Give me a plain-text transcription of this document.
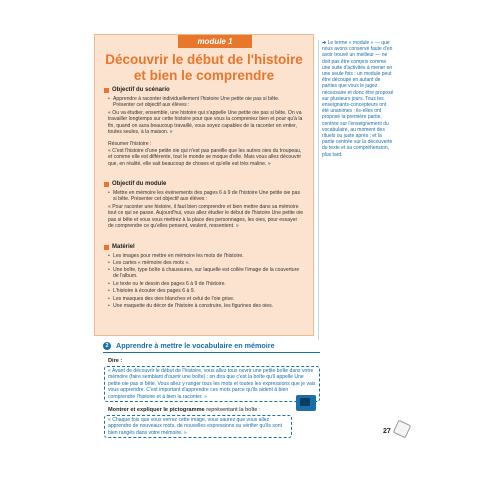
module 1
Découvrir le début de l'histoire
et bien le comprendre
Objectif du scénario
• Apprendre à raconter individuellement l'histoire Une petite oie pas si bête.
Présenter cet objectif aux élèves :
« Ou va étudier, ensemble, une histoire qui s'appelle Une petite oie pas si bête. On va travailler longtemps sur cette histoire pour que vous la compreniez bien et pour qu'à la fin, quand on aura beaucoup travaillé, vous soyez capables de la raconter en entier, toutes seules, à la maison. »
Résumer l'histoire :
« C'est l'histoire d'une petite oie qui n'est pas pareille que les autres oies du troupeau, et comme elle est différente, tout le monde se moque d'elle. Mais vous allez découvrir que, en réalité, elle sait beaucoup de choses et qu'elle est très maline. »
Objectif du module
• Mettre en mémoire les événements des pages 6 à 9 de l'histoire Une petite oie pas si bête. Présenter cet objectif aux élèves :
« Pour raconter une histoire, il faut bien comprendre et bien mettre dans sa mémoire tout ce qui se passe. Aujourd'hui, vous allez étudier le début de l'histoire Une petite oie pas si bête et vous vous mettrez à la place des personnages, les oies, pour essayer de comprendre ce qu'elles pensent, veulent, ressentent. »
Matériel
• Les images pour mettre en mémoire les mots de l'histoire.
• Les cartes « mémoire des mots ».
• Une boîte, type boîte à chaussures, sur laquelle est collée l'image de la couverture de l'album.
• Le texte ou le dessin des pages 6 à 9 de l'histoire.
• L'histoire à écouter des pages 6 à 9.
• Les masques des oies blanches et celui de l'oie grise.
• Une maquette du décor de l'histoire à construire, les figurines des oies.
➜ Le terme « module » — que nous avons conservé faute d'en avoir trouvé un meilleur — ne doit pas être compris comme une suite d'activités à mener en une seule fois : un module peut être découpé en autant de parties que vous le jugez nécessaire et donc être proposé sur plusieurs jours. Tous les enseignants-concepteurs ont été unanimes : ils-elles ont proposé la première partie, centrée sur l'enseignement du vocabulaire, au moment des rituels ou juste après ; et la partie centrée sur la découverte du texte et sa compréhension, plus tard.
2	Apprendre à mettre le vocabulaire en mémoire
Dire :
« Avant de découvrir le début de l'histoire, vous allez tous ouvrir une petite boîte dans votre mémoire (faire semblant d'ouvrir une boîte) : on dira que c'est la boîte qu'il appelle Une petite oie pas si bête. Vous allez y ranger tous les mots et toutes les expressions que je vais vous apprendre. C'est important d'apprendre ces mots parce qu'ils aident à bien comprendre l'histoire et à bien la raconter. »
Montrer et expliquer le pictogramme représentant la boîte :
« Chaque fois que vous verrez cette image, vous saurez que vous allez apprendre de nouveaux mots, de nouvelles expressions ou vérifier qu'ils sont bien rangés dans votre mémoire. »	27
